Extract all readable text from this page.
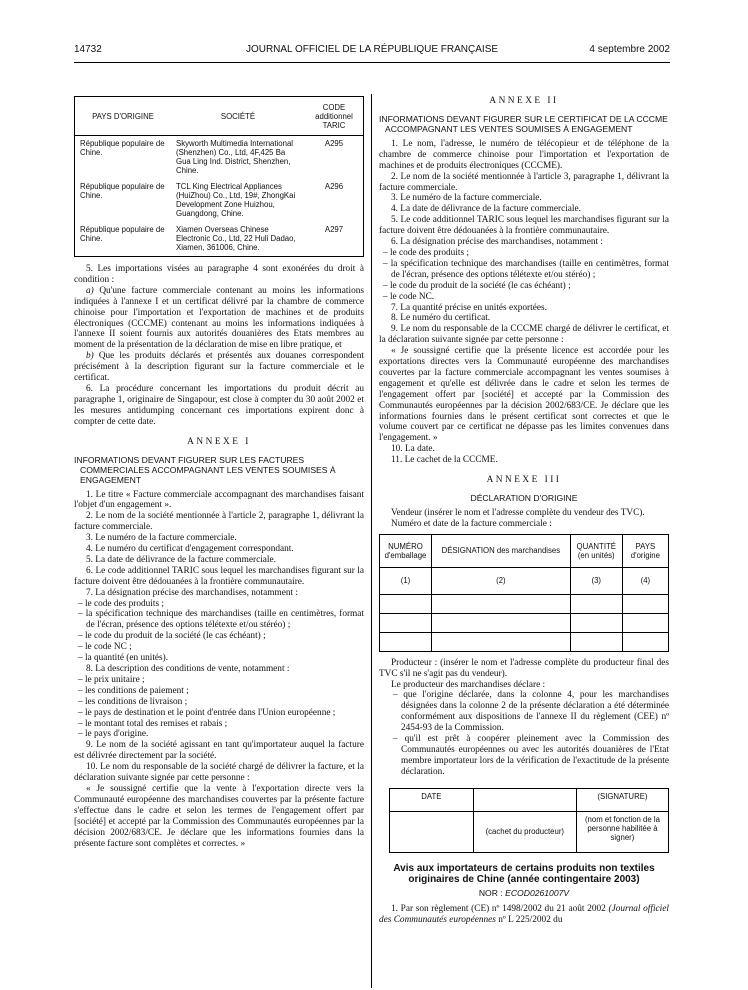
14732	JOURNAL OFFICIEL DE LA RÉPUBLIQUE FRANÇAISE	4 septembre 2002
PAYS D'ORIGINE	SOCIÉTÉ	CODE additionnel TARIC
République populaire de Chine.	Skyworth Multimedia International (Shenzhen) Co., Ltd, 4F,425 Ba Gua Ling Ind. District, Shenzhen, Chine.	A295
République populaire de Chine.	TCL King Electrical Appliances (HuiZhou) Co., Ltd, 19#, ZhongKai Development Zone Huizhou, Guangdong, Chine.	A296
République populaire de Chine.	Xiamen Overseas Chinese Electronic Co., Ltd, 22 Huli Dadao, Xiamen, 361006, Chine.	A297

5. Les importations visées au paragraphe 4 sont exonérées du droit à condition :

a) Qu'une facture commerciale contenant au moins les informations indiquées à l'annexe I et un certificat délivré par la chambre de commerce chinoise pour l'importation et l'exportation de machines et de produits électroniques (CCCME) contenant au moins les informations indiquées à l'annexe II soient fournis aux autorités douanières des Etats membres au moment de la présentation de la déclaration de mise en libre pratique, et

b) Que les produits déclarés et présentés aux douanes correspondent précisément à la description figurant sur la facture commerciale et le certificat.

6. La procédure concernant les importations du produit décrit au paragraphe 1, originaire de Singapour, est close à compter du 30 août 2002 et les mesures antidumping concernant ces importations expirent donc à compter de cette date.

ANNEXE I

INFORMATIONS DEVANT FIGURER SUR LES FACTURES COMMERCIALES ACCOMPAGNANT LES VENTES SOUMISES À ENGAGEMENT

1. Le titre « Facture commerciale accompagnant des marchandises faisant l'objet d'un engagement ».

2. Le nom de la société mentionnée à l'article 2, paragraphe 1, délivrant la facture commerciale.

3. Le numéro de la facture commerciale.

4. Le numéro du certificat d'engagement correspondant.

5. La date de délivrance de la facture commerciale.

6. Le code additionnel TARIC sous lequel les marchandises figurant sur la facture doivent être dédouanées à la frontière communautaire.

7. La désignation précise des marchandises, notamment :

– le code des produits ;

– la spécification technique des marchandises (taille en centimètres, format de l'écran, présence des options télétexte et/ou stéréo) ;

– le code du produit de la société (le cas échéant) ;

– le code NC ;

– la quantité (en unités).

8. La description des conditions de vente, notamment :

– le prix unitaire ;

– les conditions de paiement ;

– les conditions de livraison ;

– le pays de destination et le point d'entrée dans l'Union européenne ;

– le montant total des remises et rabais ;

– le pays d'origine.

9. Le nom de la société agissant en tant qu'importateur auquel la facture est délivrée directement par la société.

10. Le nom du responsable de la société chargé de délivrer la facture, et la déclaration suivante signée par cette personne :

« Je soussigné certifie que la vente à l'exportation directe vers la Communauté européenne des marchandises couvertes par la présente facture s'effectue dans le cadre et selon les termes de l'engagement offert par [société] et accepté par la Commission des Communautés européennes par la décision 2002/683/CE. Je déclare que les informations fournies dans la présente facture sont complètes et correctes. »

ANNEXE II

INFORMATIONS DEVANT FIGURER SUR LE CERTIFICAT DE LA CCCME ACCOMPAGNANT LES VENTES SOUMISES À ENGAGEMENT

1. Le nom, l'adresse, le numéro de télécopieur et de téléphone de la chambre de commerce chinoise pour l'importation et l'exportation de machines et de produits électroniques (CCCME).

2. Le nom de la société mentionnée à l'article 3, paragraphe 1, délivrant la facture commerciale.

3. Le numéro de la facture commerciale.

4. La date de délivrance de la facture commerciale.

5. Le code additionnel TARIC sous lequel les marchandises figurant sur la facture doivent être dédouanées à la frontière communautaire.

6. La désignation précise des marchandises, notamment :

– le code des produits ;

– la spécification technique des marchandises (taille en centimètres, format de l'écran, présence des options télétexte et/ou stéréo) ;

– le code du produit de la société (le cas échéant) ;

– le code NC.

7. La quantité précise en unités exportées.

8. Le numéro du certificat.

9. Le nom du responsable de la CCCME chargé de délivrer le certificat, et la déclaration suivante signée par cette personne :

« Je soussigné certifie que la présente licence est accordée pour les exportations directes vers la Communauté européenne des marchandises couvertes par la facture commerciale accompagnant les ventes soumises à engagement et qu'elle est délivrée dans le cadre et selon les termes de l'engagement offert par [société] et accepté par la Commission des Communautés européennes par la décision 2002/683/CE. Je déclare que les informations fournies dans le présent certificat sont correctes et que le volume couvert par ce certificat ne dépasse pas les limites convenues dans l'engagement. »

10. La date.

11. Le cachet de la CCCME.

ANNEXE III

DÉCLARATION D'ORIGINE

Vendeur (insérer le nom et l'adresse complète du vendeur des TVC).

Numéro et date de la facture commerciale :

NUMÉRO d'emballage	DÉSIGNATION des marchandises	QUANTITÉ (en unités)	PAYS d'origine
(1)	(2)	(3)	(4)

Producteur : (insérer le nom et l'adresse complète du producteur final des TVC s'il ne s'agit pas du vendeur).

Le producteur des marchandises déclare :

– que l'origine déclarée, dans la colonne 4, pour les marchandises désignées dans la colonne 2 de la présente déclaration a été déterminée conformément aux dispositions de l'annexe II du règlement (CEE) nº 2454-93 de la Commission.

– qu'il est prêt à coopérer pleinement avec la Commission des Communautés européennes ou avec les autorités douanières de l'Etat membre importateur lors de la vérification de l'exactitude de la présente déclaration.

DATE		(SIGNATURE)
	(cachet du producteur)	(nom et fonction de la personne habilitée à signer)

Avis aux importateurs de certains produits non textiles originaires de Chine (année contingentaire 2003)

NOR : ECOD0261007V

1. Par son règlement (CE) nº 1498/2002 du 21 août 2002 (Journal officiel des Communautés européennes nº L 225/2002 du
